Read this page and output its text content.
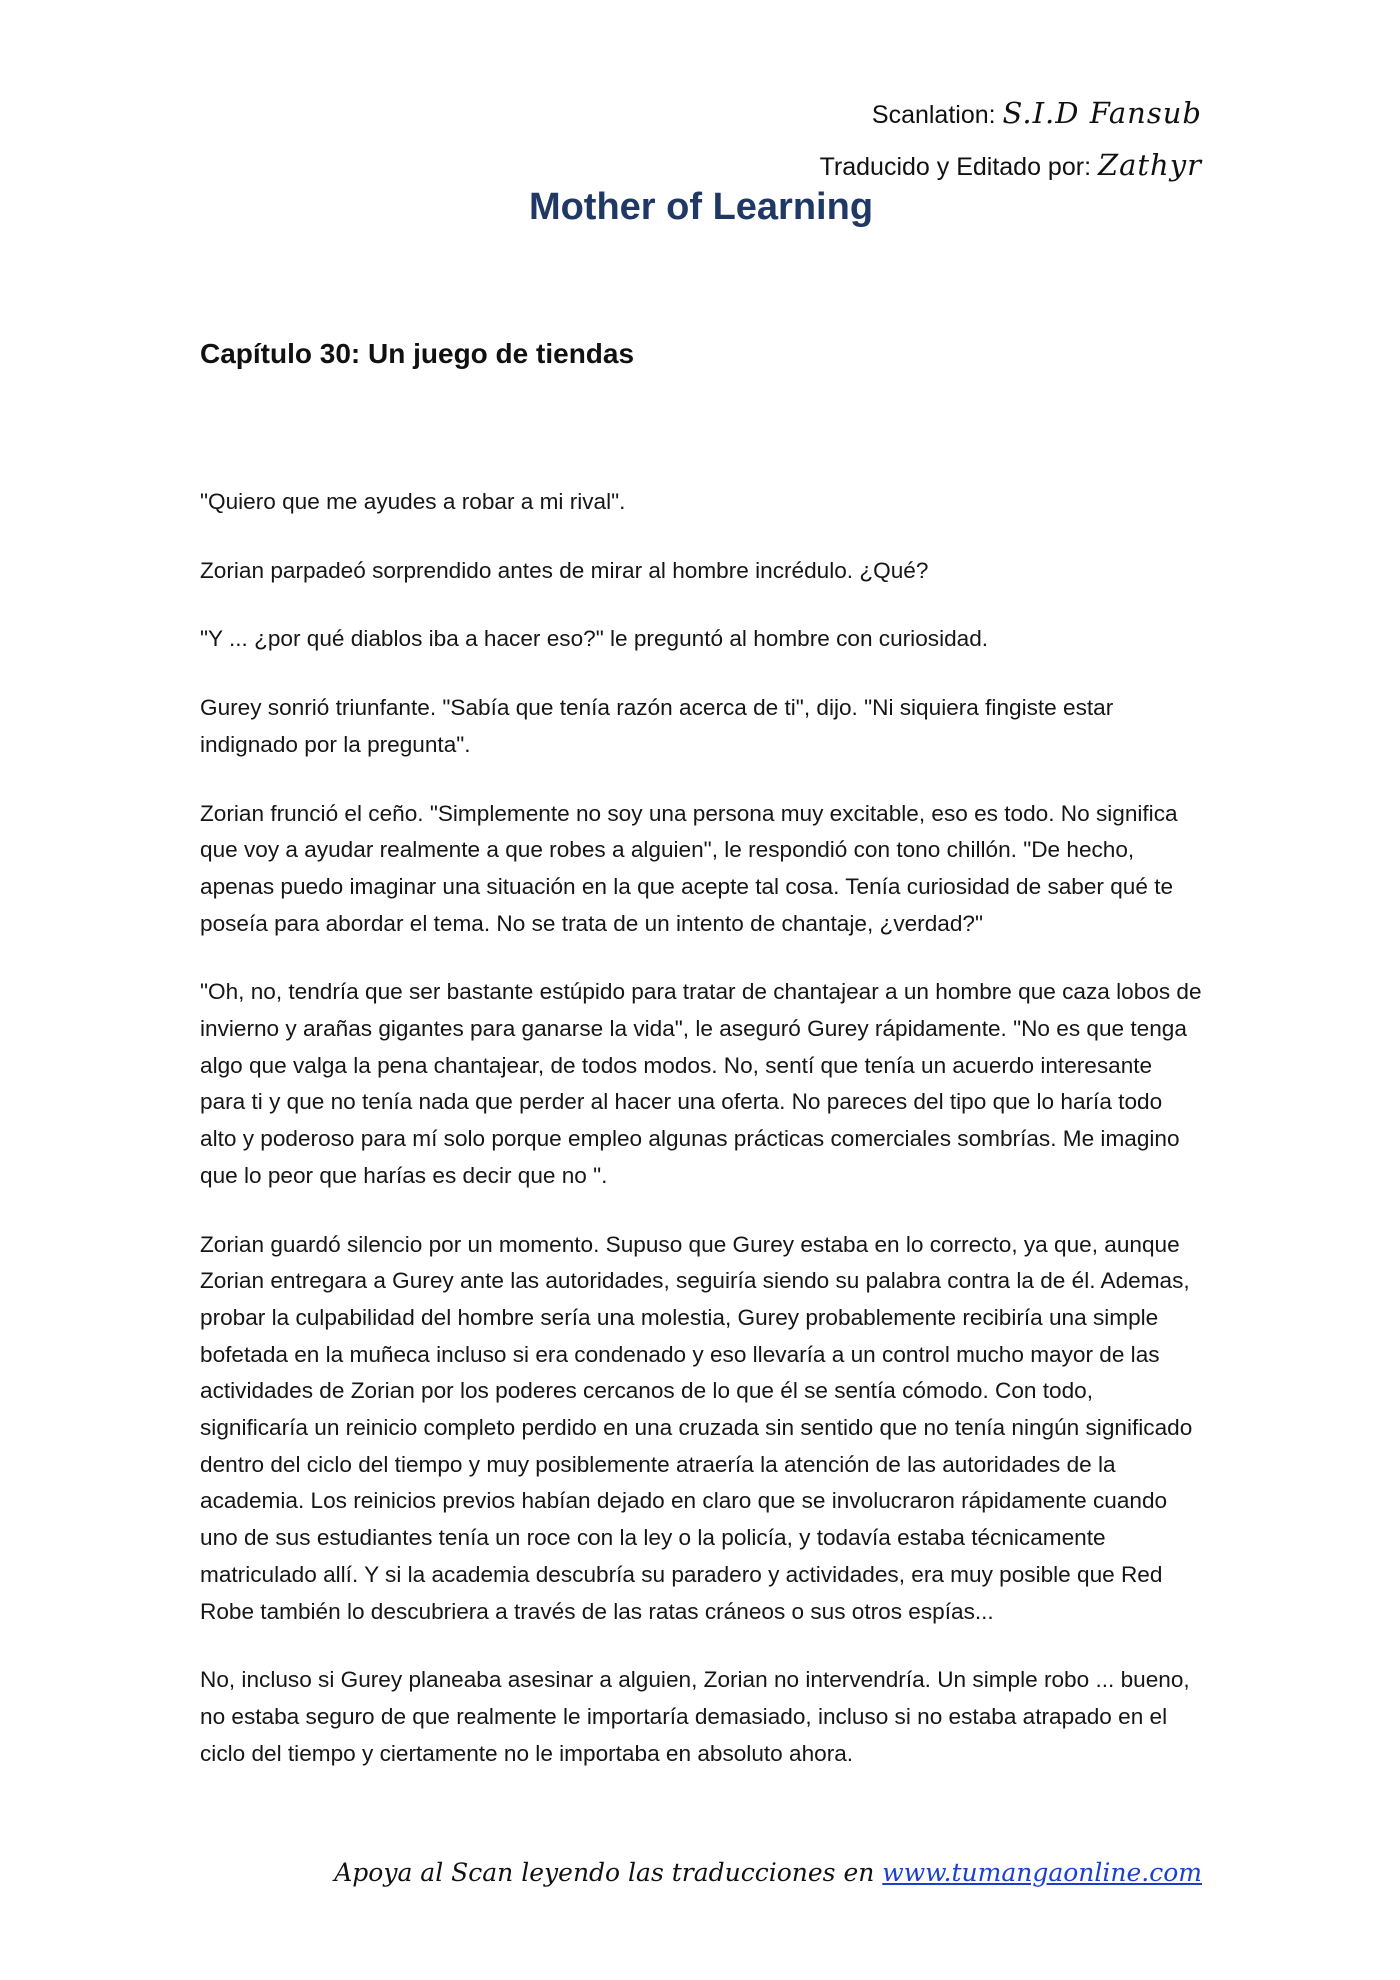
Scanlation: S.I.D Fansub
Traducido y Editado por: Zathyr
Mother of Learning
Capítulo 30: Un juego de tiendas

"Quiero que me ayudes a robar a mi rival".

Zorian parpadeó sorprendido antes de mirar al hombre incrédulo. ¿Qué?

"Y ... ¿por qué diablos iba a hacer eso?" le preguntó al hombre con curiosidad.

Gurey sonrió triunfante. "Sabía que tenía razón acerca de ti", dijo. "Ni siquiera fingiste estar indignado por la pregunta".

Zorian frunció el ceño. "Simplemente no soy una persona muy excitable, eso es todo. No significa que voy a ayudar realmente a que robes a alguien", le respondió con tono chillón. "De hecho, apenas puedo imaginar una situación en la que acepte tal cosa. Tenía curiosidad de saber qué te poseía para abordar el tema. No se trata de un intento de chantaje, ¿verdad?"

"Oh, no, tendría que ser bastante estúpido para tratar de chantajear a un hombre que caza lobos de invierno y arañas gigantes para ganarse la vida", le aseguró Gurey rápidamente. "No es que tenga algo que valga la pena chantajear, de todos modos. No, sentí que tenía un acuerdo interesante para ti y que no tenía nada que perder al hacer una oferta. No pareces del tipo que lo haría todo alto y poderoso para mí solo porque empleo algunas prácticas comerciales sombrías. Me imagino que lo peor que harías es decir que no ".

Zorian guardó silencio por un momento. Supuso que Gurey estaba en lo correcto, ya que, aunque Zorian entregara a Gurey ante las autoridades, seguiría siendo su palabra contra la de él. Ademas, probar la culpabilidad del hombre sería una molestia, Gurey probablemente recibiría una simple bofetada en la muñeca incluso si era condenado y eso llevaría a un control mucho mayor de las actividades de Zorian por los poderes cercanos de lo que él se sentía cómodo. Con todo, significaría un reinicio completo perdido en una cruzada sin sentido que no tenía ningún significado dentro del ciclo del tiempo y muy posiblemente atraería la atención de las autoridades de la academia. Los reinicios previos habían dejado en claro que se involucraron rápidamente cuando uno de sus estudiantes tenía un roce con la ley o la policía, y todavía estaba técnicamente matriculado allí. Y si la academia descubría su paradero y actividades, era muy posible que Red Robe también lo descubriera a través de las ratas cráneos o sus otros espías...

No, incluso si Gurey planeaba asesinar a alguien, Zorian no intervendría. Un simple robo ... bueno, no estaba seguro de que realmente le importaría demasiado, incluso si no estaba atrapado en el ciclo del tiempo y ciertamente no le importaba en absoluto ahora.

Apoya al Scan leyendo las traducciones en www.tumangaonline.com
